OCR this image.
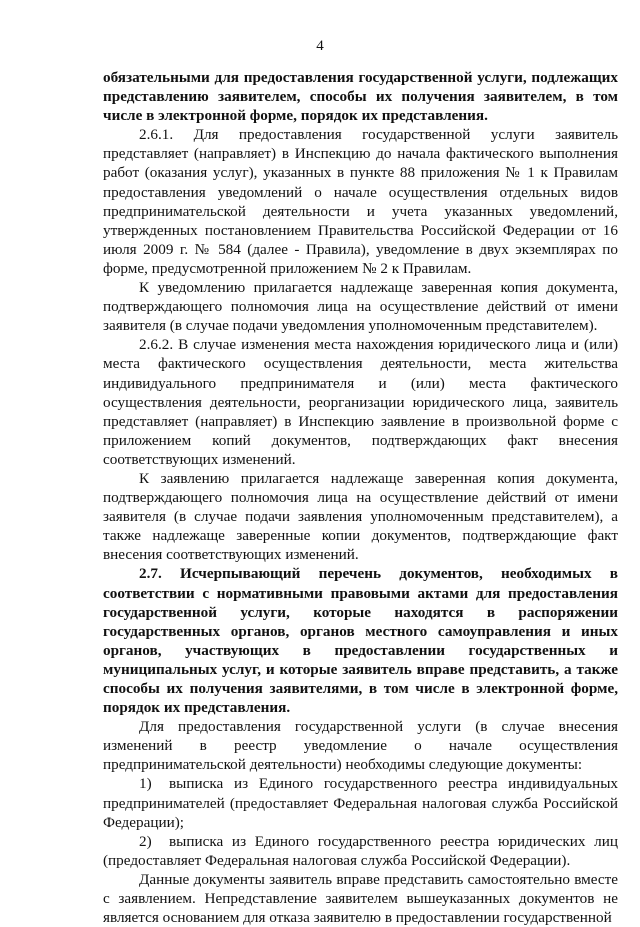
4

обязательными для предоставления государственной услуги, подлежащих представлению заявителем, способы их получения заявителем, в том числе в электронной форме, порядок их представления.

2.6.1. Для предоставления государственной услуги заявитель представляет (направляет) в Инспекцию до начала фактического выполнения работ (оказания услуг), указанных в пункте 88 приложения № 1 к Правилам предоставления уведомлений о начале осуществления отдельных видов предпринимательской деятельности и учета указанных уведомлений, утвержденных постановлением Правительства Российской Федерации от 16 июля 2009 г. № 584 (далее - Правила), уведомление в двух экземплярах по форме, предусмотренной приложением № 2 к Правилам.

К уведомлению прилагается надлежаще заверенная копия документа, подтверждающего полномочия лица на осуществление действий от имени заявителя (в случае подачи уведомления уполномоченным представителем).

2.6.2. В случае изменения места нахождения юридического лица и (или) места фактического осуществления деятельности, места жительства индивидуального предпринимателя и (или) места фактического осуществления деятельности, реорганизации юридического лица, заявитель представляет (направляет) в Инспекцию заявление в произвольной форме с приложением копий документов, подтверждающих факт внесения соответствующих изменений.

К заявлению прилагается надлежаще заверенная копия документа, подтверждающего полномочия лица на осуществление действий от имени заявителя (в случае подачи заявления уполномоченным представителем), а также надлежаще заверенные копии документов, подтверждающие факт внесения соответствующих изменений.

2.7. Исчерпывающий перечень документов, необходимых в соответствии с нормативными правовыми актами для предоставления государственной услуги, которые находятся в распоряжении государственных органов, органов местного самоуправления и иных органов, участвующих в предоставлении государственных и муниципальных услуг, и которые заявитель вправе представить, а также способы их получения заявителями, в том числе в электронной форме, порядок их представления.

Для предоставления государственной услуги (в случае внесения изменений в реестр уведомление о начале осуществления предпринимательской деятельности) необходимы следующие документы:

1) выписка из Единого государственного реестра индивидуальных предпринимателей (предоставляет Федеральная налоговая служба Российской Федерации);

2) выписка из Единого государственного реестра юридических лиц (предоставляет Федеральная налоговая служба Российской Федерации).

Данные документы заявитель вправе представить самостоятельно вместе с заявлением. Непредставление заявителем вышеуказанных документов не является основанием для отказа заявителю в предоставлении государственной
